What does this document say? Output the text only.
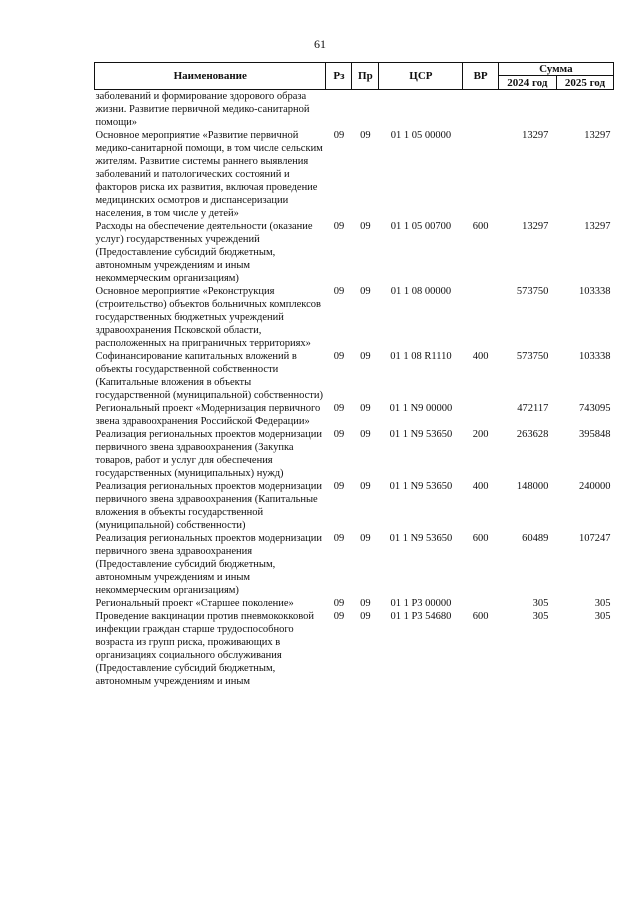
61
Наименование	Рз	Пр	ЦСР	ВР	Сумма	
					2024 год	2025 год
заболеваний и формирование здорового образа жизни. Развитие первичной медико-санитарной помощи»						
Основное мероприятие «Развитие первичной медико-санитарной помощи, в том числе сельским жителям. Развитие системы раннего выявления заболеваний и патологических состояний и факторов риска их развития, включая проведение медицинских осмотров и диспансеризации населения, в том числе у детей»	09	09	01 1 05 00000		13297	13297
Расходы на обеспечение деятельности (оказание услуг) государственных учреждений (Предоставление субсидий бюджетным, автономным учреждениям и иным некоммерческим организациям)	09	09	01 1 05 00700	600	13297	13297
Основное мероприятие «Реконструкция (строительство) объектов больничных комплексов государственных бюджетных учреждений здравоохранения Псковской области, расположенных на приграничных территориях»	09	09	01 1 08 00000		573750	103338
Софинансирование капитальных вложений в объекты государственной собственности (Капитальные вложения в объекты государственной (муниципальной) собственности)	09	09	01 1 08 R1110	400	573750	103338
Региональный проект «Модернизация первичного звена здравоохранения Российской Федерации»	09	09	01 1 N9 00000		472117	743095
Реализация региональных проектов модернизации первичного звена здравоохранения (Закупка товаров, работ и услуг для обеспечения государственных (муниципальных) нужд)	09	09	01 1 N9 53650	200	263628	395848
Реализация региональных проектов модернизации первичного звена здравоохранения (Капитальные вложения в объекты государственной (муниципальной) собственности)	09	09	01 1 N9 53650	400	148000	240000
Реализация региональных проектов модернизации первичного звена здравоохранения (Предоставление субсидий бюджетным, автономным учреждениям и иным некоммерческим организациям)	09	09	01 1 N9 53650	600	60489	107247
Региональный проект «Старшее поколение»	09	09	01 1 P3 00000		305	305
Проведение вакцинации против пневмококковой инфекции граждан старше трудоспособного возраста из групп риска, проживающих в организациях социального обслуживания (Предоставление субсидий бюджетным, автономным учреждениям и иным	09	09	01 1 P3 54680	600	305	305
